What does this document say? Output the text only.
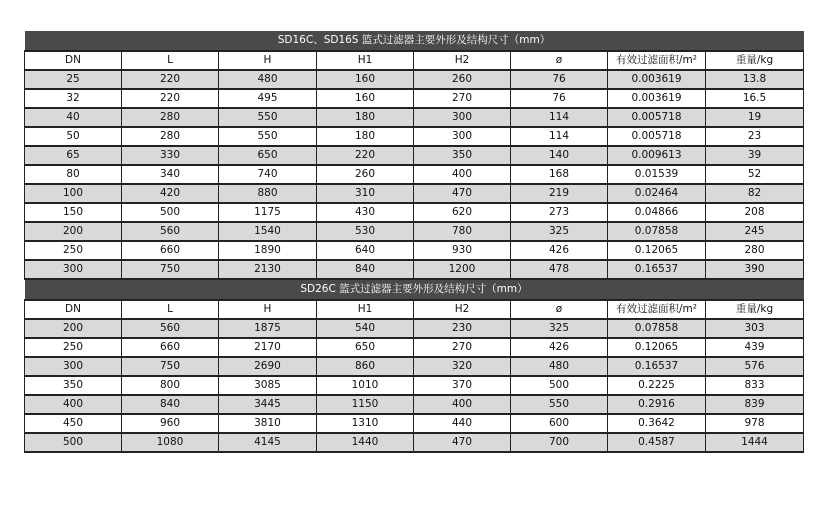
SD16C、SD16S 篮式过滤器主要外形及结构尺寸（mm）							
DN	L	H	H1	H2	ø	有效过滤面积/m²	重量/kg
25	220	480	160	260	76	0.003619	13.8
32	220	495	160	270	76	0.003619	16.5
40	280	550	180	300	114	0.005718	19
50	280	550	180	300	114	0.005718	23
65	330	650	220	350	140	0.009613	39
80	340	740	260	400	168	0.01539	52
100	420	880	310	470	219	0.02464	82
150	500	1175	430	620	273	0.04866	208
200	560	1540	530	780	325	0.07858	245
250	660	1890	640	930	426	0.12065	280
300	750	2130	840	1200	478	0.16537	390
SD26C 篮式过滤器主要外形及结构尺寸（mm）							
DN	L	H	H1	H2	ø	有效过滤面积/m²	重量/kg
200	560	1875	540	230	325	0.07858	303
250	660	2170	650	270	426	0.12065	439
300	750	2690	860	320	480	0.16537	576
350	800	3085	1010	370	500	0.2225	833
400	840	3445	1150	400	550	0.2916	839
450	960	3810	1310	440	600	0.3642	978
500	1080	4145	1440	470	700	0.4587	1444
